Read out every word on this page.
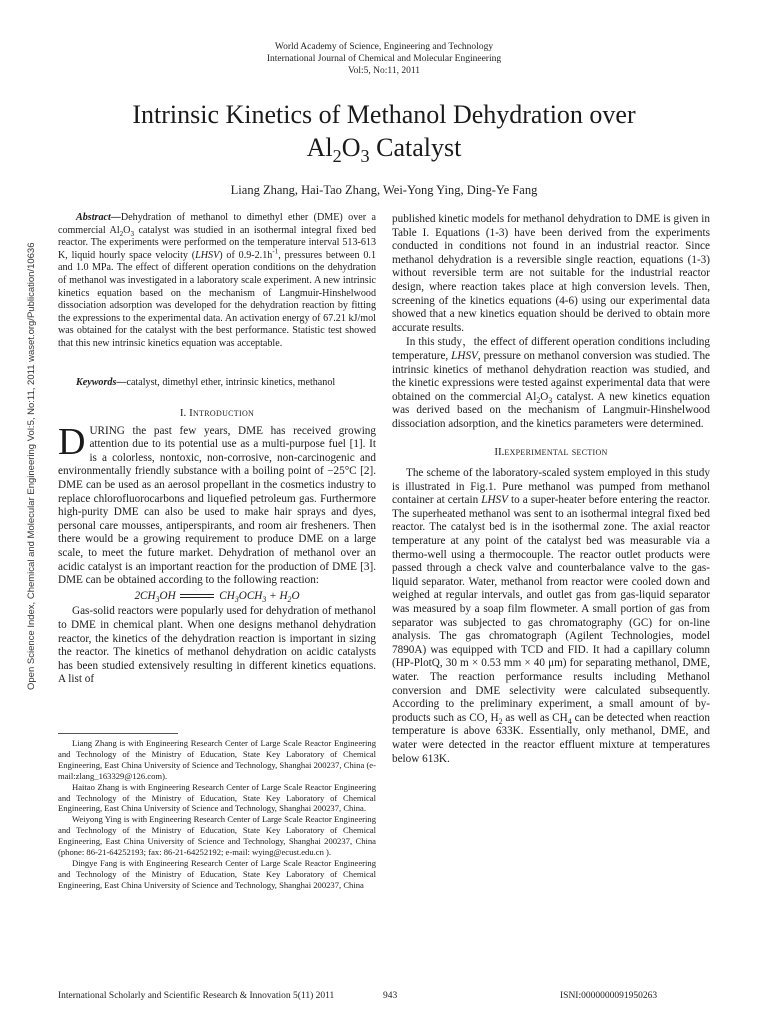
World Academy of Science, Engineering and Technology
International Journal of Chemical and Molecular Engineering
Vol:5, No:11, 2011
Intrinsic Kinetics of Methanol Dehydration over
$Al_2O_3$ Catalyst
Liang Zhang, Hai-Tao Zhang, Wei-Yong Ying, Ding-Ye Fang
Open Science Index, Chemical and Molecular Engineering Vol:5, No:11, 2011 waset.org/Publication/10636

Abstract—Dehydration of methanol to dimethyl ether (DME) over a commercial $Al_2O_3$ catalyst was studied in an isothermal integral fixed bed reactor. The experiments were performed on the temperature interval 513-613 K, liquid hourly space velocity (LHSV) of $0.9-2.1h^{-1}$, pressures between 0.1 and 1.0 MPa. The effect of different operation conditions on the dehydration of methanol was investigated in a laboratory scale experiment. A new intrinsic kinetics equation based on the mechanism of Langmuir-Hinshelwood dissociation adsorption was developed for the dehydration reaction by fitting the expressions to the experimental data. An activation energy of 67.21 kJ/mol was obtained for the catalyst with the best performance. Statistic test showed that this new intrinsic kinetics equation was acceptable.

Keywords—catalyst, dimethyl ether, intrinsic kinetics, methanol
I. Introduction

DURING the past few years, DME has received growing attention due to its potential use as a multi-purpose fuel [1]. It is a colorless, nontoxic, non-corrosive, non-carcinogenic and environmentally friendly substance with a boiling point of −25°C [2]. DME can be used as an aerosol propellant in the cosmetics industry to replace chlorofluorocarbons and liquefied petroleum gas. Furthermore high-purity DME can also be used to make hair sprays and dyes, personal care mousses, antiperspirants, and room air fresheners. Then there would be a growing requirement to produce DME on a large scale, to meet the future market. Dehydration of methanol over an acidic catalyst is an important reaction for the production of DME [3]. DME can be obtained according to the following reaction:

$2CH_3OH$	$CH_3OCH_3 + H_2O$

Gas-solid reactors were popularly used for dehydration of methanol to DME in chemical plant. When one designs methanol dehydration reactor, the kinetics of the dehydration reaction is important in sizing the reactor. The kinetics of methanol dehydration on acidic catalysts has been studied extensively resulting in different kinetics equations. A list of

Liang Zhang is with Engineering Research Center of Large Scale Reactor Engineering and Technology of the Ministry of Education, State Key Laboratory of Chemical Engineering, East China University of Science and Technology, Shanghai 200237, China (e-mail:zlang_163329@126.com).

Haitao Zhang is with Engineering Research Center of Large Scale Reactor Engineering and Technology of the Ministry of Education, State Key Laboratory of Chemical Engineering, East China University of Science and Technology, Shanghai 200237, China.

Weiyong Ying is with Engineering Research Center of Large Scale Reactor Engineering and Technology of the Ministry of Education, State Key Laboratory of Chemical Engineering, East China University of Science and Technology, Shanghai 200237, China (phone: 86-21-64252193; fax: 86-21-64252192; e-mail: wying@ecust.edu.cn ).

Dingye Fang is with Engineering Research Center of Large Scale Reactor Engineering and Technology of the Ministry of Education, State Key Laboratory of Chemical Engineering, East China University of Science and Technology, Shanghai 200237, China

published kinetic models for methanol dehydration to DME is given in Table I. Equations (1-3) have been derived from the experiments conducted in conditions not found in an industrial reactor. Since methanol dehydration is a reversible single reaction, equations (1-3) without reversible term are not suitable for the industrial reactor design, where reaction takes place at high conversion levels. Then, screening of the kinetics equations (4-6) using our experimental data showed that a new kinetics equation should be derived to obtain more accurate results.

In this study，the effect of different operation conditions including temperature, LHSV, pressure on methanol conversion was studied. The intrinsic kinetics of methanol dehydration reaction was studied, and the kinetic expressions were tested against experimental data that were obtained on the commercial $Al_2O_3$ catalyst. A new kinetics equation was derived based on the mechanism of Langmuir-Hinshelwood dissociation adsorption, and the kinetics parameters were determined.

II.experimental section

The scheme of the laboratory-scaled system employed in this study is illustrated in Fig.1. Pure methanol was pumped from methanol container at certain LHSV to a super-heater before entering the reactor. The superheated methanol was sent to an isothermal integral fixed bed reactor. The catalyst bed is in the isothermal zone. The axial reactor temperature at any point of the catalyst bed was measurable via a thermo-well using a thermocouple. The reactor outlet products were passed through a check valve and counterbalance valve to the gas-liquid separator. Water, methanol from reactor were cooled down and weighed at regular intervals, and outlet gas from gas-liquid separator was measured by a soap film flowmeter. A small portion of gas from separator was subjected to gas chromatography (GC) for on-line analysis. The gas chromatograph (Agilent Technologies, model 7890A) was equipped with TCD and FID. It had a capillary column (HP-PlotQ, 30 m × 0.53 mm × 40 μm) for separating methanol, DME, water. The reaction performance results including Methanol conversion and DME selectivity were calculated subsequently. According to the preliminary experiment, a small amount of by-products such as CO, $H_2$ as well as $CH_4$ can be detected when reaction temperature is above 633K. Essentially, only methanol, DME, and water were detected in the reactor effluent mixture at temperatures below 613K.

International Scholarly and Scientific Research & Innovation 5(11) 2011	943	ISNI:0000000091950263
